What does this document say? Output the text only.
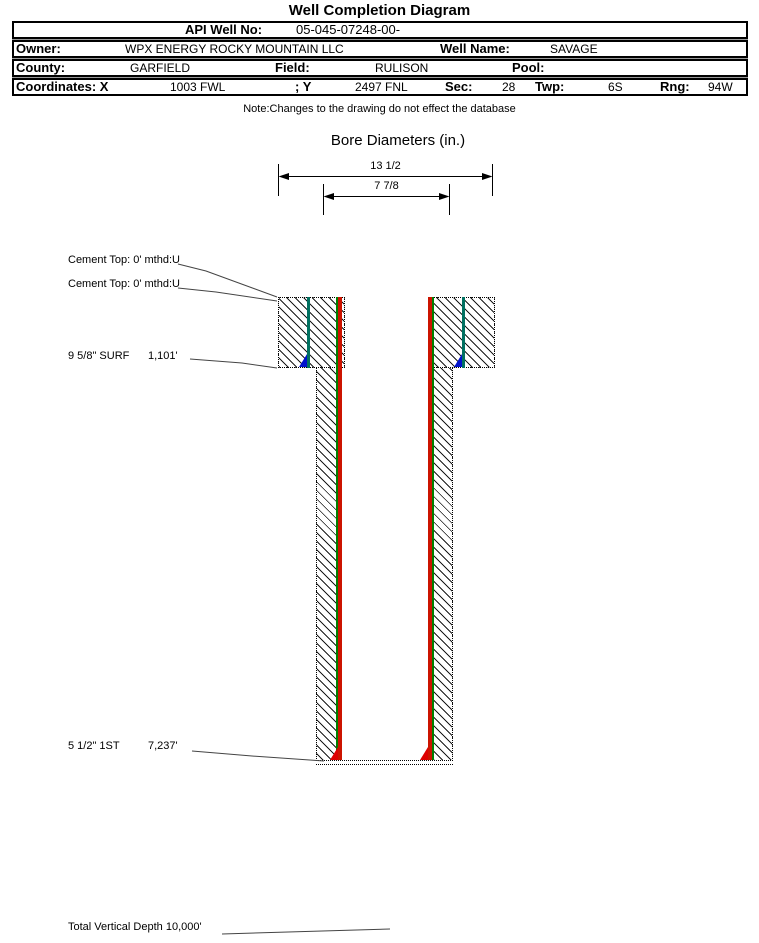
Well Completion Diagram
API Well No:	05-045-07248-00-
Owner:	WPX ENERGY ROCKY MOUNTAIN LLC	Well Name:	SAVAGE
County:	GARFIELD	Field:	RULISON	Pool:
Coordinates: X	1003 FWL	; Y	2497 FNL	Sec: 28 Twp:	6S	Rng: 94W
Note:Changes to the drawing do not effect the database
Bore Diameters (in.)
13 1/2
7 7/8
Cement Top: 0' mthd:U
Cement Top: 0' mthd:U
9 5/8" SURF 1,101'
5 1/2" 1ST	7,237'
Total Vertical Depth 10,000'
